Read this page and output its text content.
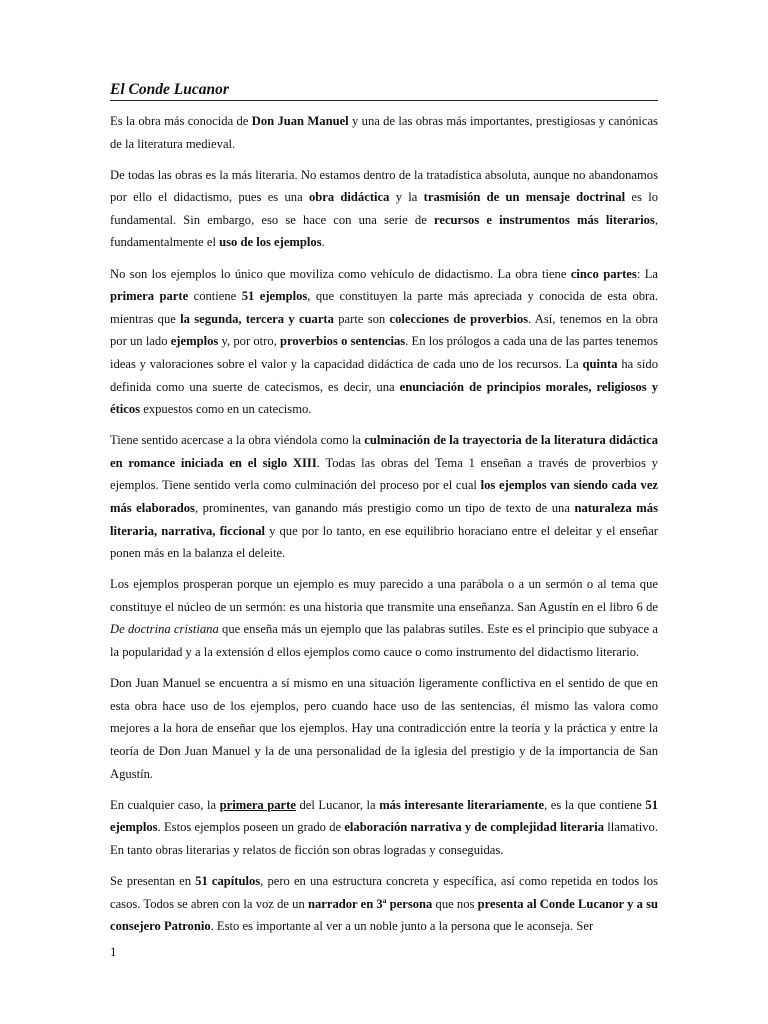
El Conde Lucanor

Es la obra más conocida de Don Juan Manuel y una de las obras más importantes, prestigiosas y canónicas de la literatura medieval.

De todas las obras es la más literaria. No estamos dentro de la tratadística absoluta, aunque no abandonamos por ello el didactismo, pues es una obra didáctica y la trasmisión de un mensaje doctrinal es lo fundamental. Sin embargo, eso se hace con una serie de recursos e instrumentos más literarios, fundamentalmente el uso de los ejemplos.

No son los ejemplos lo único que moviliza como vehículo de didactismo. La obra tiene cinco partes: La primera parte contiene 51 ejemplos, que constituyen la parte más apreciada y conocida de esta obra. mientras que la segunda, tercera y cuarta parte son colecciones de proverbios. Así, tenemos en la obra por un lado ejemplos y, por otro, proverbios o sentencias. En los prólogos a cada una de las partes tenemos ideas y valoraciones sobre el valor y la capacidad didáctica de cada uno de los recursos. La quinta ha sido definida como una suerte de catecismos, es decir, una enunciación de principios morales, religiosos y éticos expuestos como en un catecismo.

Tiene sentido acercase a la obra viéndola como la culminación de la trayectoria de la literatura didáctica en romance iniciada en el siglo XIII. Todas las obras del Tema 1 enseñan a través de proverbios y ejemplos. Tiene sentido verla como culminación del proceso por el cual los ejemplos van siendo cada vez más elaborados, prominentes, van ganando más prestigio como un tipo de texto de una naturaleza más literaria, narrativa, ficcional y que por lo tanto, en ese equilibrio horaciano entre el deleitar y el enseñar ponen más en la balanza el deleite.

Los ejemplos prosperan porque un ejemplo es muy parecido a una parábola o a un sermón o al tema que constituye el núcleo de un sermón: es una historia que transmite una enseñanza. San Agustín en el libro 6 de De doctrina cristiana que enseña más un ejemplo que las palabras sutiles. Este es el principio que subyace a la popularidad y a la extensión d ellos ejemplos como cauce o como instrumento del didactismo literario.

Don Juan Manuel se encuentra a sí mismo en una situación ligeramente conflictiva en el sentido de que en esta obra hace uso de los ejemplos, pero cuando hace uso de las sentencias, él mismo las valora como mejores a la hora de enseñar que los ejemplos. Hay una contradicción entre la teoría y la práctica y entre la teoría de Don Juan Manuel y la de una personalidad de la iglesia del prestigio y de la importancia de San Agustín.

En cualquier caso, la primera parte del Lucanor, la más interesante literariamente, es la que contiene 51 ejemplos. Estos ejemplos poseen un grado de elaboración narrativa y de complejidad literaria llamativo. En tanto obras literarias y relatos de ficción son obras logradas y conseguidas.

Se presentan en 51 capítulos, pero en una estructura concreta y específica, así como repetida en todos los casos. Todos se abren con la voz de un narrador en 3ª persona que nos presenta al Conde Lucanor y a su consejero Patronio. Esto es importante al ver a un noble junto a la persona que le aconseja. Ser

1
